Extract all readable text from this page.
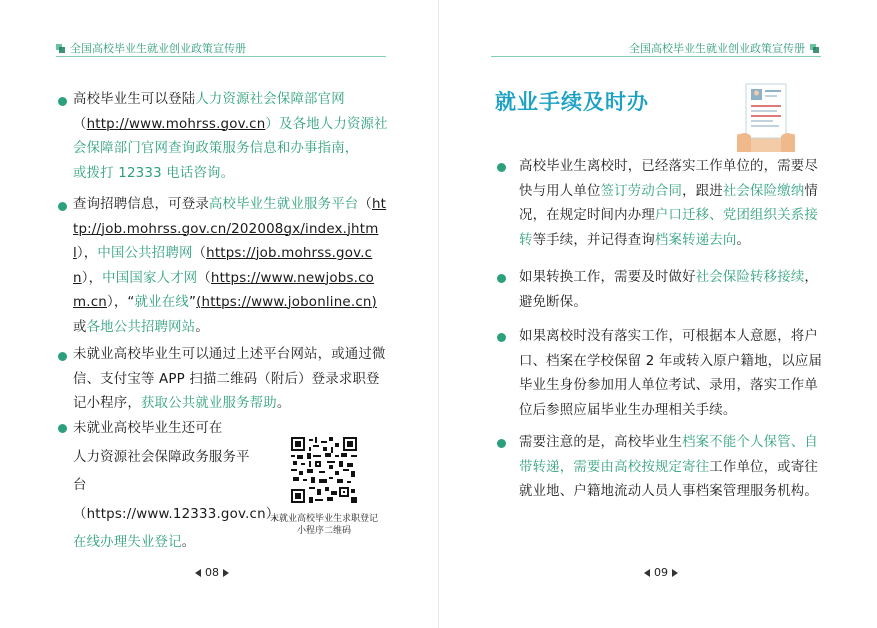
全国高校毕业生就业创业政策宣传册
高校毕业生可以登陆人力资源社会保障部官网（http://www.mohrss.gov.cn）及各地人力资源社会保障部门官网查询政策服务信息和办事指南，
或拨打 12333 电话咨询。
查询招聘信息，可登录高校毕业生就业服务平台（http://job.mohrss.gov.cn/202008gx/index.jhtml），中国公共招聘网（https://job.mohrss.gov.cn），中国国家人才网（https://www.newjobs.com.cn），“就业在线”(https://www.jobonline.cn)
或各地公共招聘网站。
未就业高校毕业生可以通过上述平台网站，或通过微信、支付宝等 APP 扫描二维码（附后）登录求职登记小程序，获取公共就业服务帮助。
未就业高校毕业生还可在
人力资源社会保障政务服务平台（https://www.12333.gov.cn），在线办理失业登记。
未就业高校毕业生求职登记
小程序二维码
08
全国高校毕业生就业创业政策宣传册
就业手续及时办
高校毕业生离校时，已经落实工作单位的，需要尽快与用人单位签订劳动合同，跟进社会保险缴纳情况，在规定时间内办理户口迁移、党团组织关系接转等手续，并记得查询档案转递去向。
如果转换工作，需要及时做好社会保险转移接续，避免断保。
如果离校时没有落实工作，可根据本人意愿，将户口、档案在学校保留 2 年或转入原户籍地，以应届毕业生身份参加用人单位考试、录用，落实工作单位后参照应届毕业生办理相关手续。
需要注意的是，高校毕业生档案不能个人保管、自带转递，需要由高校按规定寄往工作单位，或寄往就业地、户籍地流动人员人事档案管理服务机构。
09
